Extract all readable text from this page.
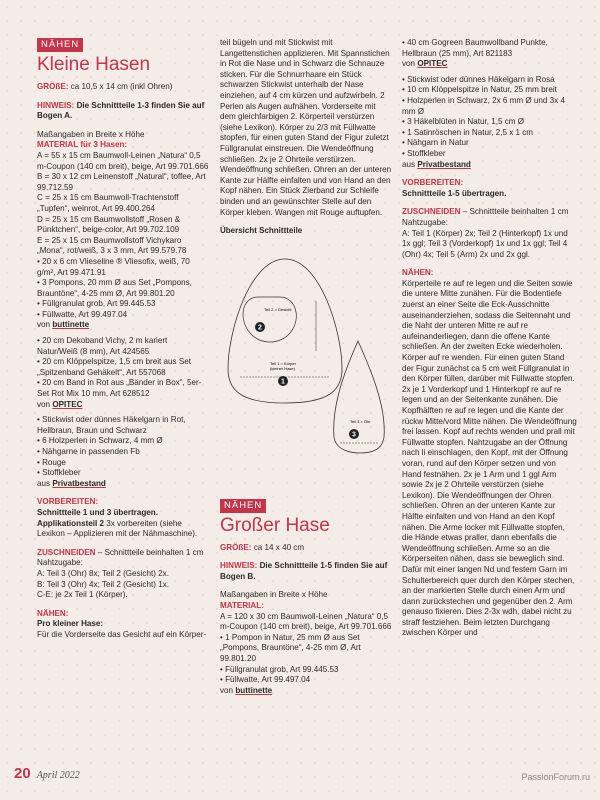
NÄHEN
Kleine Hasen

GRÖßE: ca 10,5 x 14 cm (inkl Ohren)

HINWEIS: Die Schnittteile 1-3 finden Sie auf Bogen A.

Maßangaben in Breite x Höhe

MATERIAL für 3 Hasen:

A = 55 x 15 cm Baumwoll-Leinen „Natura“ 0,5 m-Coupon (140 cm breit), beige, Art 99.701.666

B = 30 x 12 cm Leinenstoff „Natural“, toffee, Art 99.712.59

C = 25 x 15 cm Baumwoll-Trachtenstoff „Tupfen“, weinrot, Art 99.400.264

D = 25 x 15 cm Baumwollstoff „Rosen & Pünktchen“, beige-color, Art 99.702.109

E = 25 x 15 cm Baumwollstoff Vichykaro „Mona“, rot/weiß, 3 x 3 mm, Art 99.579.78

• 20 x 6 cm Vlieseline ® Vliesofix, weiß, 70 g/m², Art 99.471.91

• 3 Pompons, 20 mm Ø aus Set „Pompons, Brauntöne“, 4-25 mm Ø, Art 99.801.20

• Füllgranulat grob, Art 99.445.53

• Füllwatte, Art 99.497.04

von buttinette

• 20 cm Dekoband Vichy, 2 m kariert Natur/Weiß (8 mm), Art 424565

• 20 cm Klöppelspitze, 1,5 cm breit aus Set „Spitzenband Gehäkelt“, Art 557068

• 20 cm Band in Rot aus „Bänder in Box“, 5er-Set Rot Mix 10 mm, Art 628512

von OPITEC

• Stickwist oder dünnes Häkelgarn in Rot, Hellbraun, Braun und Schwarz

• 6 Holzperlen in Schwarz, 4 mm Ø

• Nähgarne in passenden Fb

• Rouge

• Stoffkleber

aus Privatbestand

VORBEREITEN:

Schnittteile 1 und 3 übertragen.

Applikationsteil 2 3x vorbereiten (siehe Lexikon – Applizieren mit der Nähmaschine).

ZUSCHNEIDEN – Schnittteile beinhalten 1 cm Nahtzugabe:

A: Teil 3 (Ohr) 8x; Teil 2 (Gesicht) 2x.

B: Teil 3 (Ohr) 4x; Teil 2 (Gesicht) 1x.

C-E: je 2x Teil 1 (Körper).

NÄHEN:

Pro kleiner Hase:

Für die Vorderseite das Gesicht auf ein Körper-

teil bügeln und mit Stickwist mit Langettenstichen applizieren. Mit Spannstichen in Rot die Nase und in Schwarz die Schnauze sticken. Für die Schnurrhaare ein Stück schwarzen Stickwist unterhalb der Nase einziehen, auf 4 cm kürzen und aufzwirbeln. 2 Perlen als Augen aufnähen. Vorderseite mit dem gleichfarbigen 2. Körperteil verstürzen (siehe Lexikon). Körper zu 2/3 mit Füllwatte stopfen, für einen guten Stand der Figur zuletzt Füllgranulat einstreuen. Die Wendeöffnung schließen. 2x je 2 Ohrteile verstürzen. Wendeöffnung schließen. Ohren an der unteren Kante zur Hälfte einfalten und von Hand an den Kopf nähen. Ein Stück Zierband zur Schleife binden und an gewünschter Stelle auf den Körper kleben. Wangen mit Rouge auftupfen.

Übersicht Schnittteile

Teil 2 = Gesicht
2
Teil 1 = Körper
(kleiner Hase)
1
Teil 3 = Ohr
3
NÄHEN
Großer Hase

GRÖßE: ca 14 x 40 cm

HINWEIS: Die Schnittteile 1-5 finden Sie auf Bogen B.

Maßangaben in Breite x Höhe

MATERIAL:

A = 120 x 30 cm Baumwoll-Leinen „Natura“ 0,5 m-Coupon (140 cm breit), beige, Art 99.701.666

• 1 Pompon in Natur, 25 mm Ø aus Set „Pompons, Brauntöne“, 4-25 mm Ø, Art 99.801.20

• Füllgranulat grob, Art 99.445.53

• Füllwatte, Art 99.497.04

von buttinette

• 40 cm Gogreen Baumwollband Punkte, Hellbraun (25 mm), Art 821183

von OPITEC

• Stickwist oder dünnes Häkelgarn in Rosa

• 10 cm Klöppelspitze in Natur, 25 mm breit

• Holzperlen in Schwarz, 2x 6 mm Ø und 3x 4 mm Ø

• 3 Häkelblüten in Natur, 1,5 cm Ø

• 1 Satinröschen in Natur, 2,5 x 1 cm

• Nähgarn in Natur

• Stoffkleber

aus Privatbestand

VORBEREITEN:

Schnittteile 1-5 übertragen.

ZUSCHNEIDEN – Schnittteile beinhalten 1 cm Nahtzugabe:

A: Teil 1 (Körper) 2x; Teil 2 (Hinterkopf) 1x und 1x ggl; Teil 3 (Vorderkopf) 1x und 1x ggl; Teil 4 (Ohr) 4x; Teil 5 (Arm) 2x und 2x ggl.

NÄHEN:

Körperteile re auf re legen und die Seiten sowie die untere Mitte zunähen. Für die Bodentiefe zuerst an einer Seite die Eck-Ausschnitte auseinanderziehen, sodass die Seitennaht und die Naht der unteren Mitte re auf re aufeinanderliegen, dann die offene Kante schließen. An der zweiten Ecke wiederholen. Körper auf re wenden. Für einen guten Stand der Figur zunächst ca 5 cm weit Füllgranulat in den Körper füllen, darüber mit Füllwatte stopfen. 2x je 1 Vorderkopf und 1 Hinterkopf re auf re legen und an der Seitenkante zunähen. Die Kopfhälften re auf re legen und die Kante der rückw Mitte/vord Mitte nähen. Die Wendeöffnung frei lassen. Kopf auf rechts wenden und prall mit Füllwatte stopfen. Nahtzugabe an der Öffnung nach li einschlagen, den Kopf, mit der Öffnung voran, rund auf den Körper setzen und von Hand festnähen. 2x je 1 Arm und 1 ggl Arm sowie 2x je 2 Ohrteile verstürzen (siehe Lexikon). Die Wendeöffnungen der Ohren schließen. Ohren an der unteren Kante zur Hälfte einfalten und von Hand an den Kopf nähen. Die Arme locker mit Füllwatte stopfen, die Hände etwas praller, dann ebenfalls die Wendeöffnung schließen. Arme so an die Körperseiten nähen, dass sie beweglich sind. Dafür mit einer langen Nd und festem Garn im Schulterbereich quer durch den Körper stechen, an der markierten Stelle durch einen Arm und dann zurückstechen und gegenüber den 2. Arm genauso fixieren. Dies 2-3x wdh, dabei nicht zu straff festziehen. Beim letzten Durchgang zwischen Körper und

20 April 2022	PassionForum.ru
